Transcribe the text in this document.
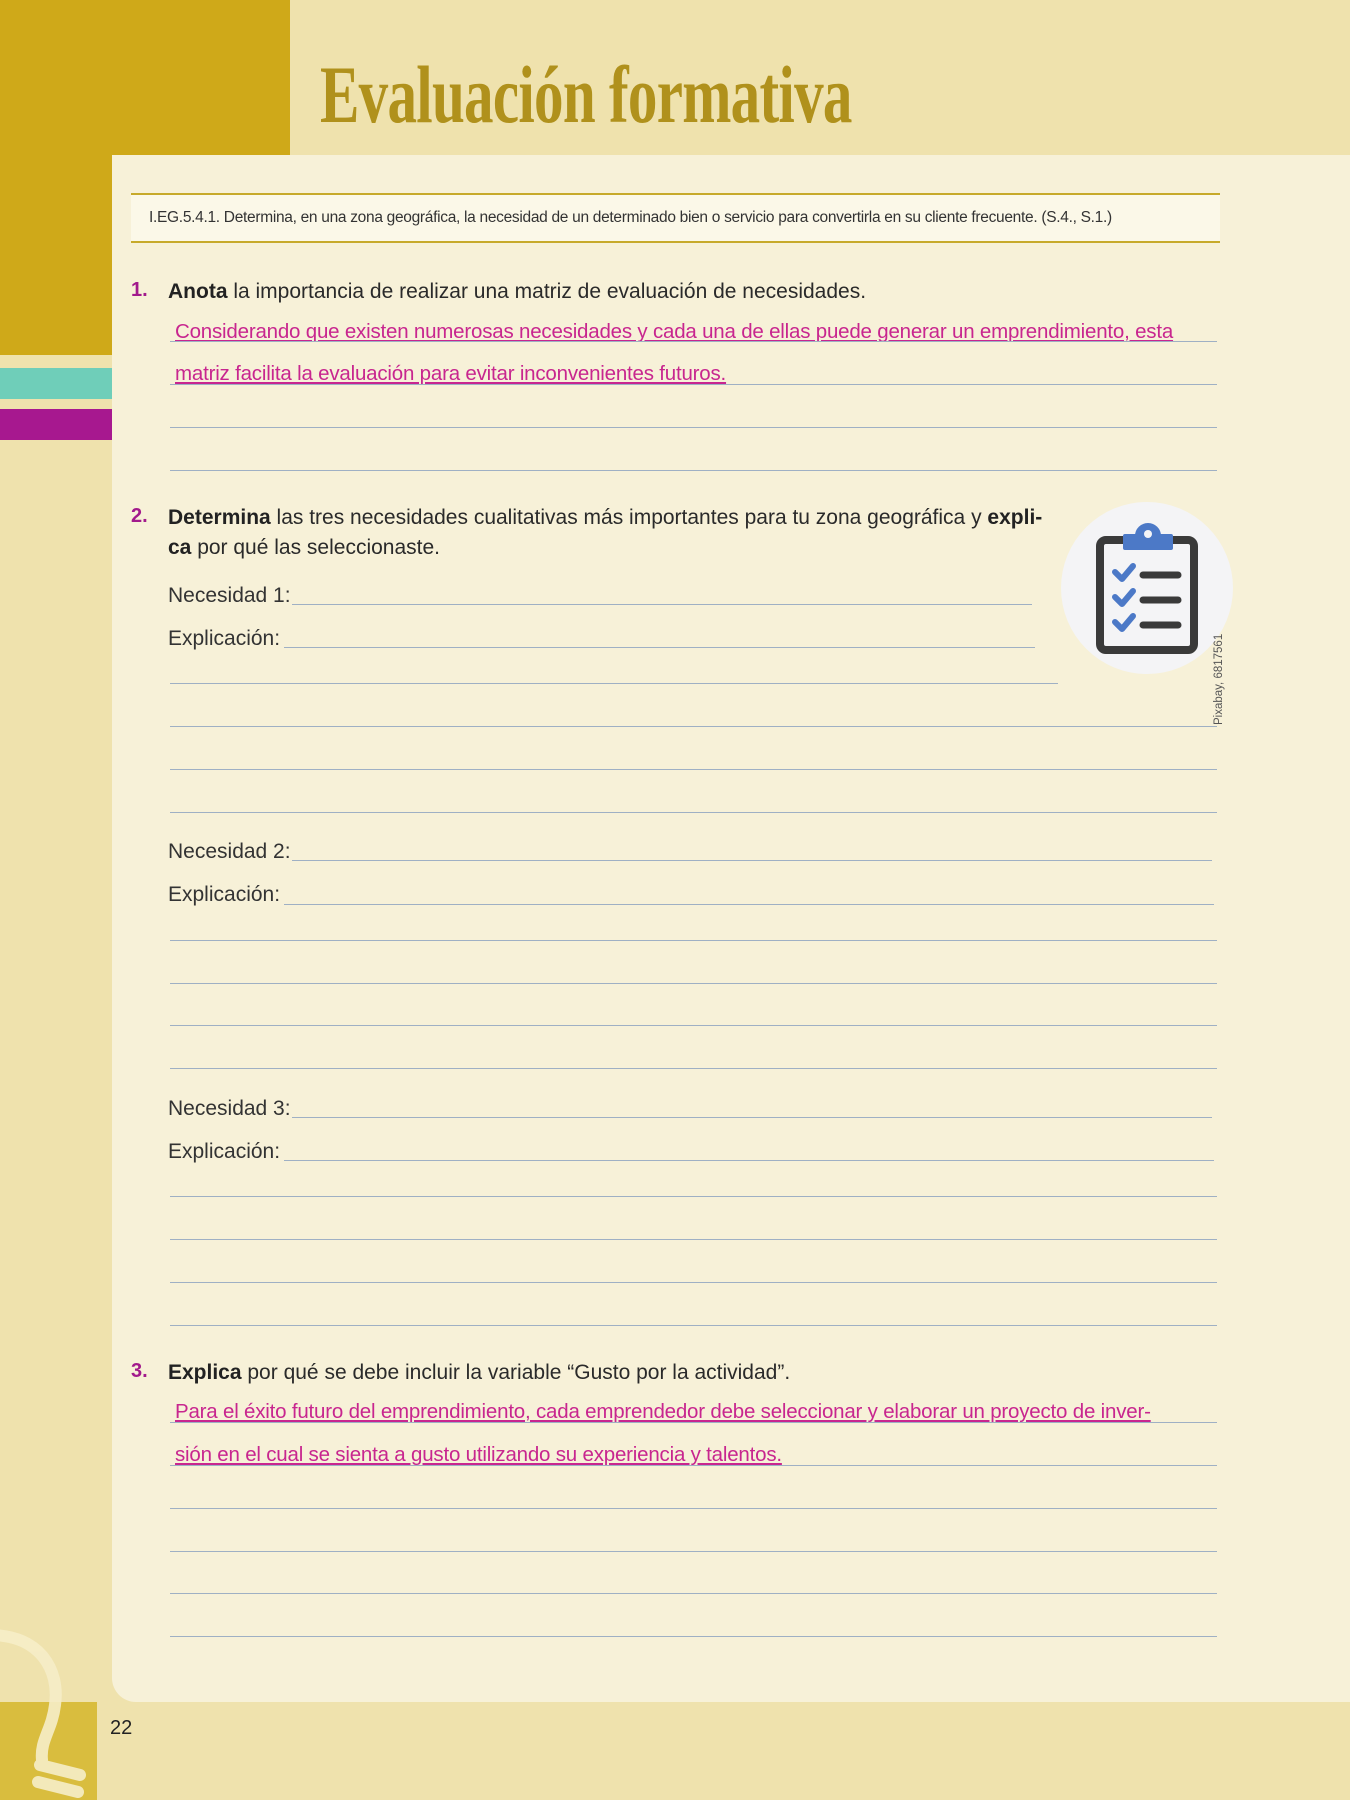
Evaluación formativa
I.EG.5.4.1. Determina, en una zona geográfica, la necesidad de un determinado bien o servicio para convertirla en su cliente frecuente. (S.4., S.1.)
1. Anota la importancia de realizar una matriz de evaluación de necesidades.
Considerando que existen numerosas necesidades y cada una de ellas puede generar un emprendimiento, esta
matriz facilita la evaluación para evitar inconvenientes futuros.
2. Determina las tres necesidades cualitativas más importantes para tu zona geográfica y expli-
ca por qué las seleccionaste.
Pixabay, 6817561
Necesidad 1:
Explicación:
Necesidad 2:
Explicación:
Necesidad 3:
Explicación:
3. Explica por qué se debe incluir la variable “Gusto por la actividad”.
Para el éxito futuro del emprendimiento, cada emprendedor debe seleccionar y elaborar un proyecto de inver-
sión en el cual se sienta a gusto utilizando su experiencia y talentos.
22
